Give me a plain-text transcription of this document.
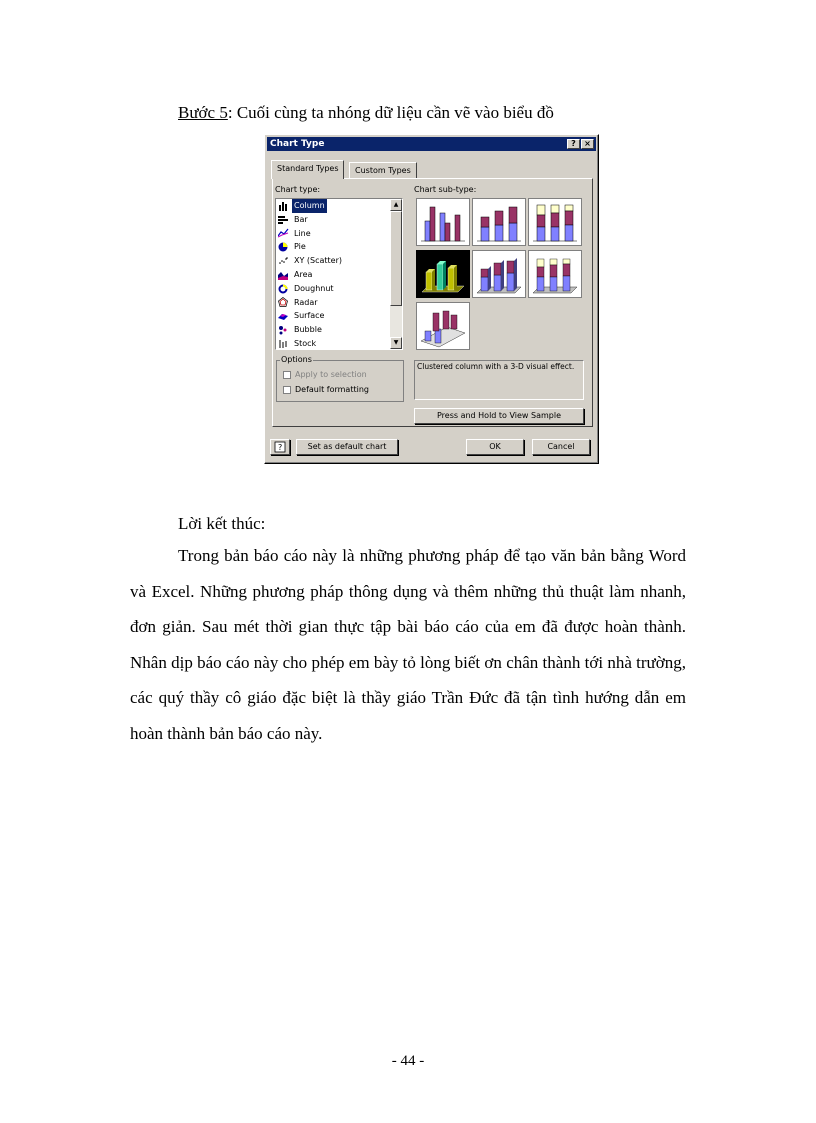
Bước 5: Cuối cùng ta nhóng dữ liệu cần vẽ vào biểu đồ
Chart Type	?	×
Standard Types	Custom Types
Chart type:	Chart sub-type:
Column
Bar
Line
Pie
XY (Scatter)
Area
Doughnut
Radar
Surface
Bubble
Stock
▲
▼
Options
Apply to selection
Default formatting
Clustered column with a 3-D visual effect.
Press and Hold to View Sample
?	Set as default chart	OK	Cancel
Lời kết thúc:
Trong bản báo cáo này là những phương pháp để tạo văn bản bằng Word và Excel. Những phương pháp thông dụng và thêm những thủ thuật làm nhanh, đơn giản. Sau mét thời gian thực tập bài báo cáo của em đã được hoàn thành. Nhân dịp báo cáo này cho phép em bày tỏ lòng biết ơn chân thành tới nhà trường, các quý thầy cô giáo đặc biệt là thầy giáo Trần Đức đã tận tình hướng dẫn em hoàn thành bản báo cáo này.
- 44 -
